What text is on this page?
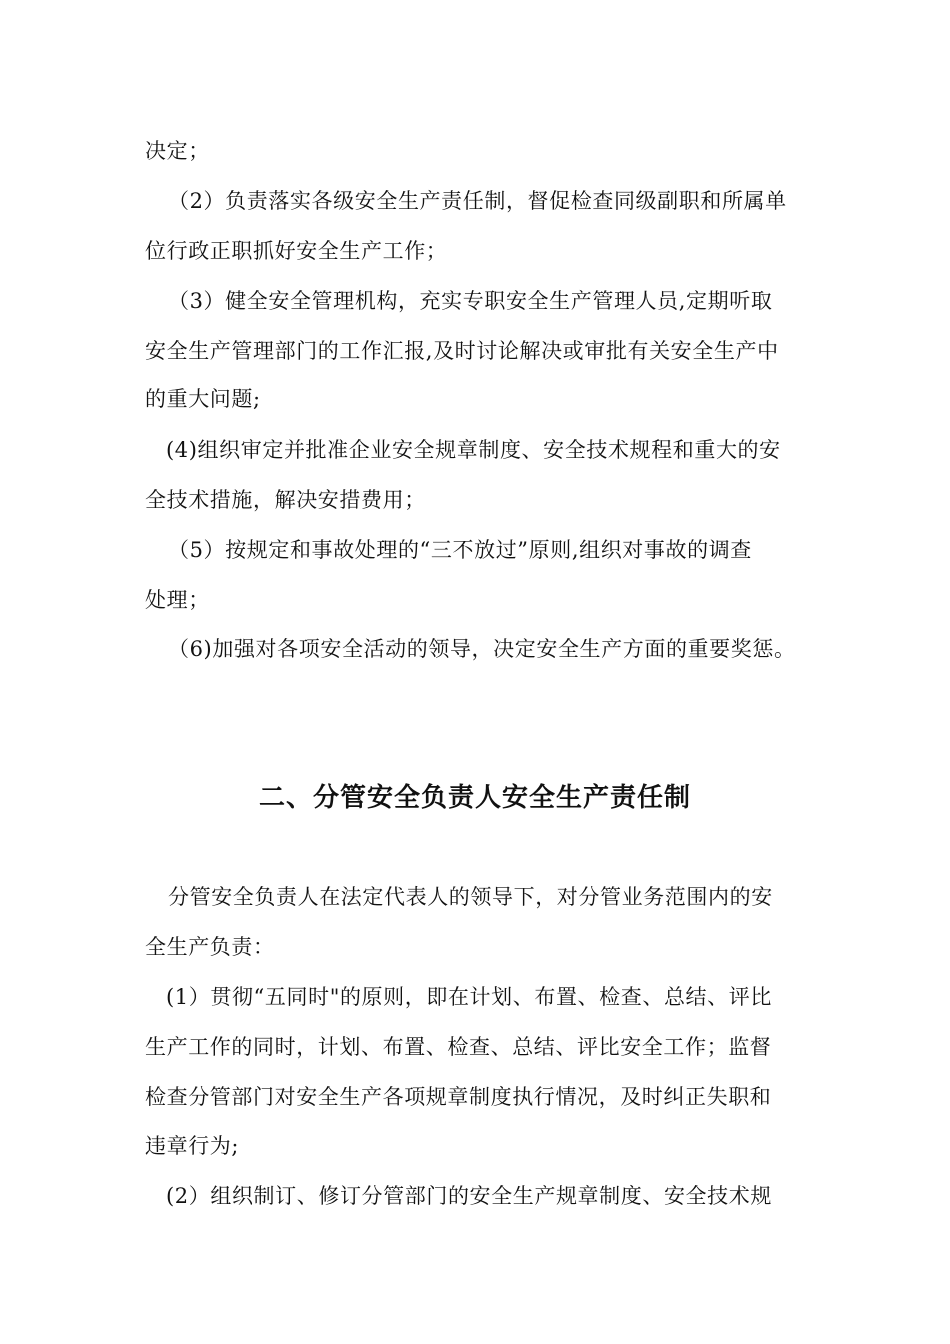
决定；
（2）负责落实各级安全生产责任制，督促检查同级副职和所属单
位行政正职抓好安全生产工作；
（3）健全安全管理机构，充实专职安全生产管理人员,定期听取
安全生产管理部门的工作汇报,及时讨论解决或审批有关安全生产中
的重大问题;
(4)组织审定并批准企业安全规章制度、安全技术规程和重大的安
全技术措施，解决安措费用；
（5）按规定和事故处理的“三不放过”原则,组织对事故的调查
处理；
（6)加强对各项安全活动的领导，决定安全生产方面的重要奖惩。
二、分管安全负责人安全生产责任制
分管安全负责人在法定代表人的领导下，对分管业务范围内的安
全生产负责：
(1）贯彻“五同时"的原则，即在计划、布置、检查、总结、评比
生产工作的同时，计划、布置、检查、总结、评比安全工作；监督
检查分管部门对安全生产各项规章制度执行情况，及时纠正失职和
违章行为;
(2）组织制订、修订分管部门的安全生产规章制度、安全技术规
